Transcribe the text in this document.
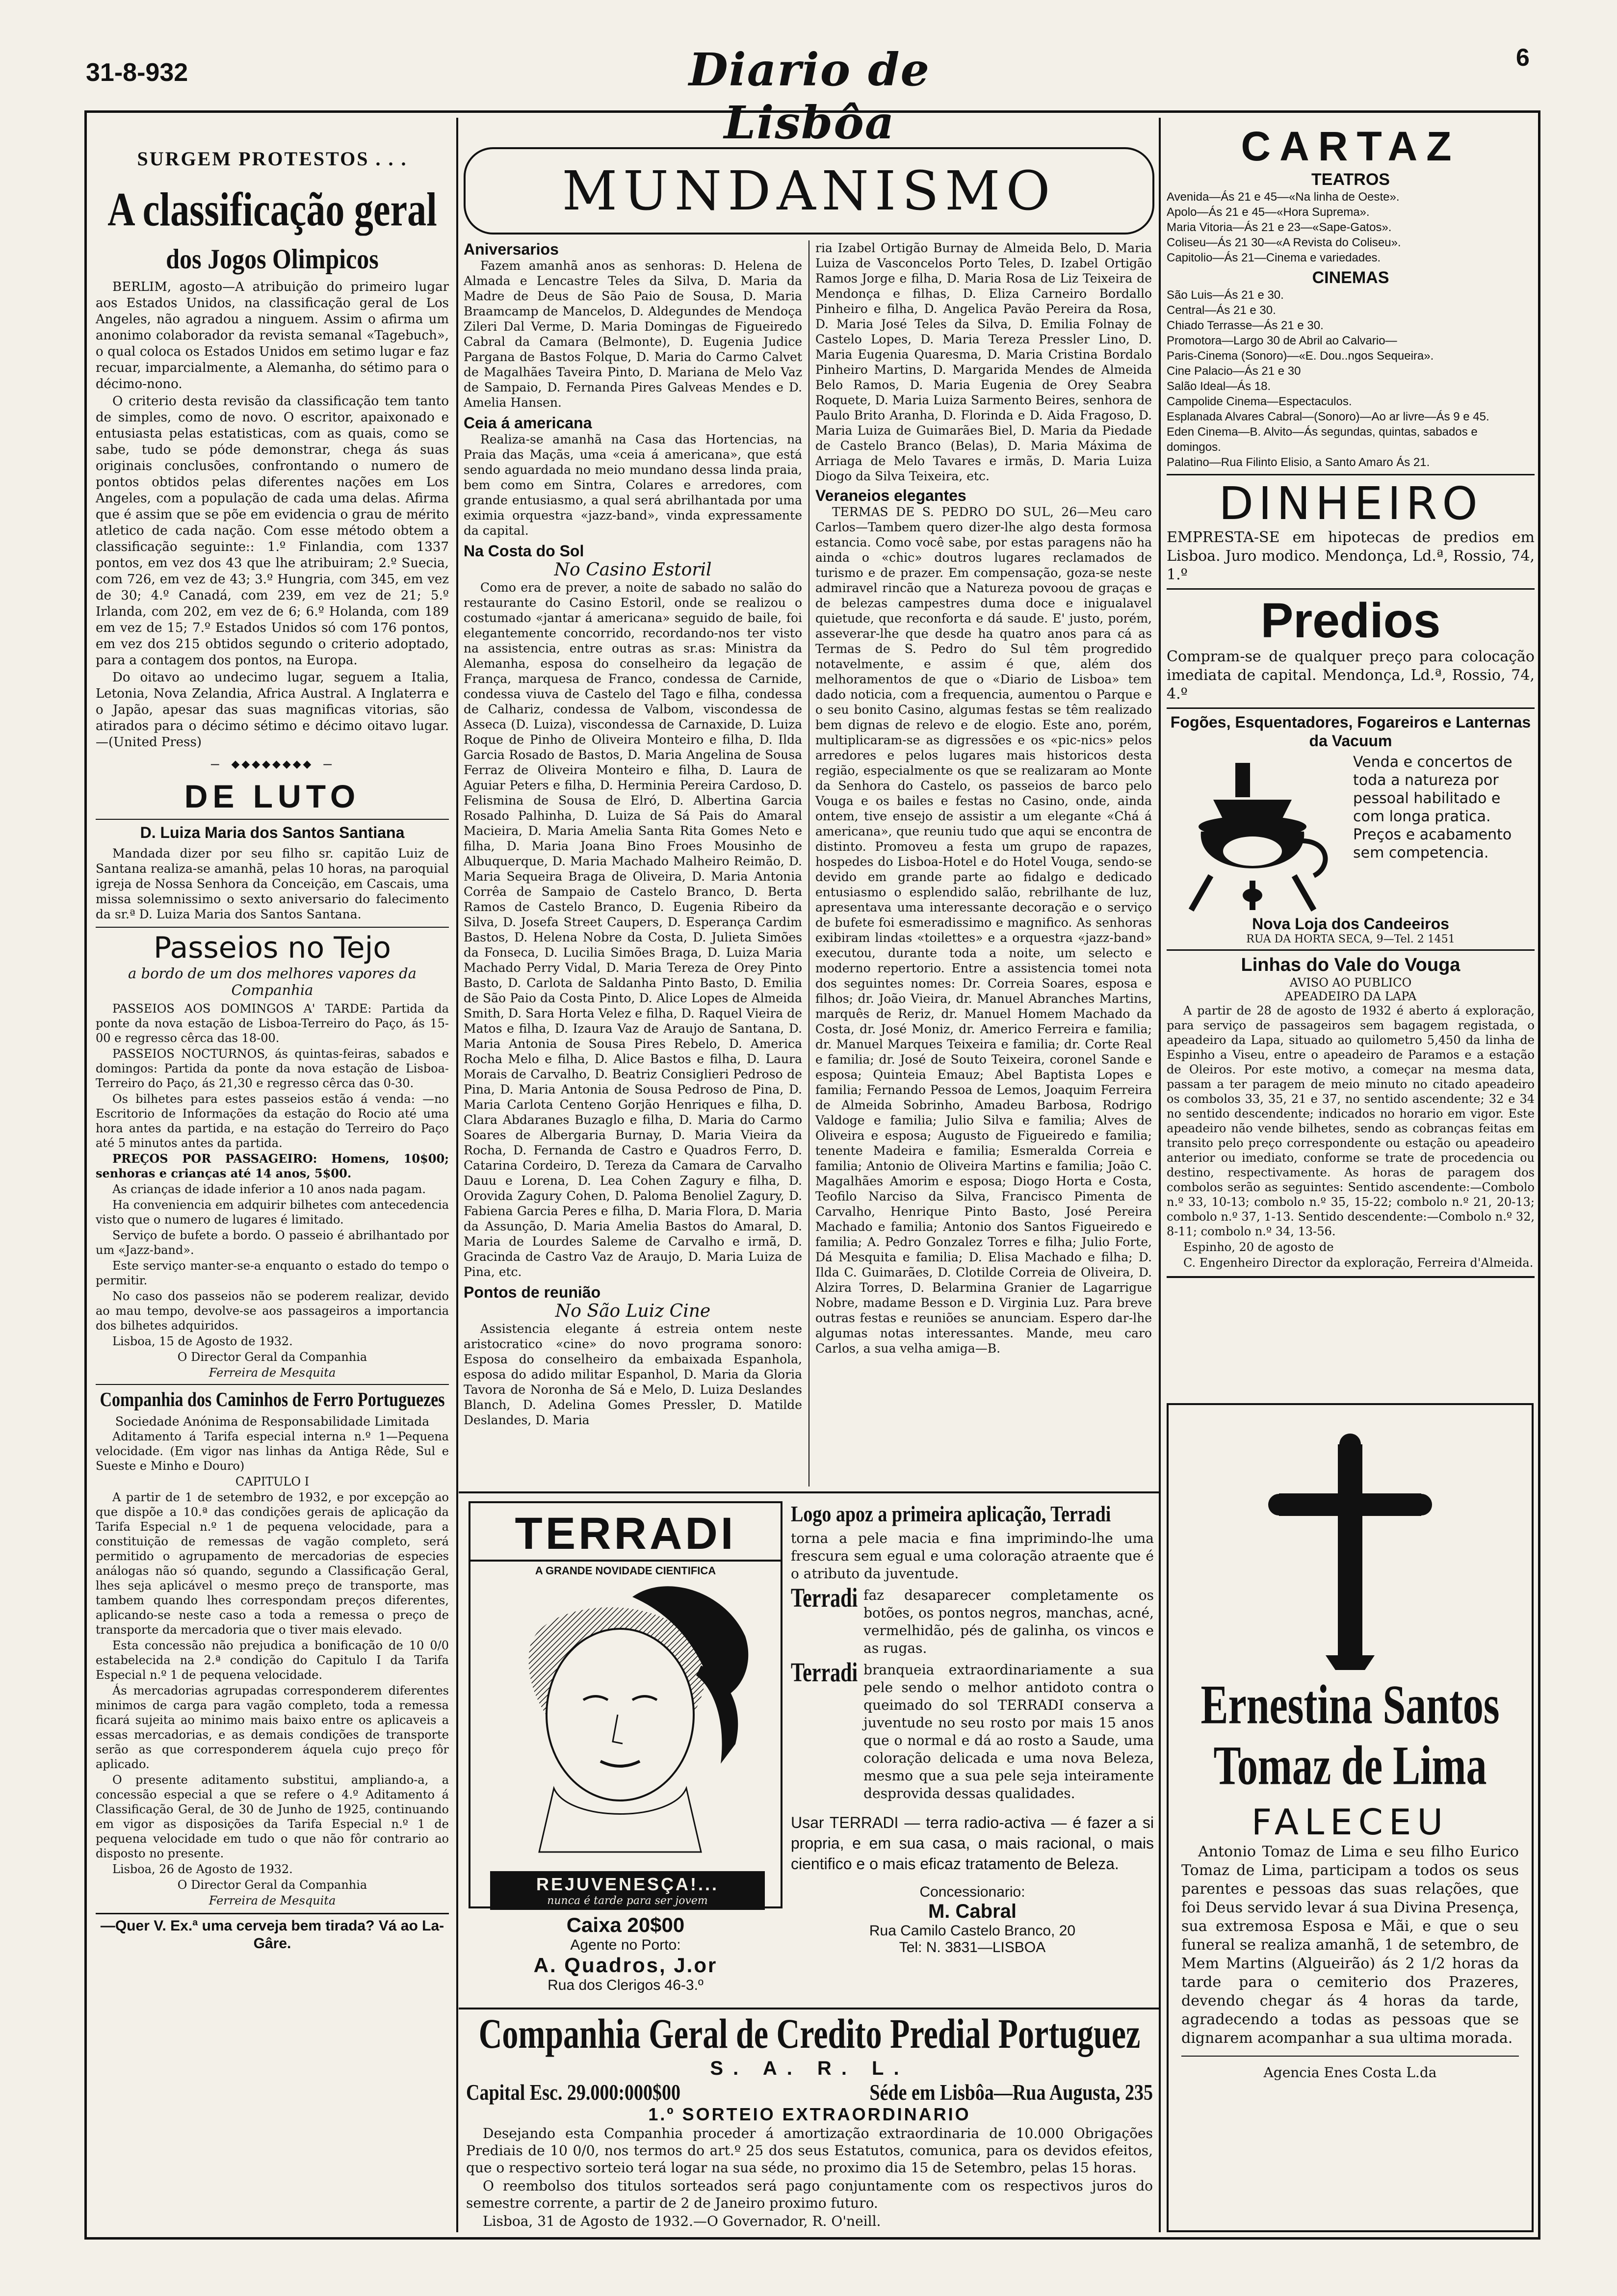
31-8-932	Diario de Lisbôa
6
SURGEM PROTESTOS . . .
A classificação geral
dos Jogos Olimpicos

BERLIM, agosto—A atribuição do primeiro lugar aos Estados Unidos, na classificação geral de Los Angeles, não agradou a ninguem. Assim o afirma um anonimo colaborador da revista semanal «Tagebuch», o qual coloca os Estados Unidos em setimo lugar e faz recuar, imparcialmente, a Alemanha, do sétimo para o décimo-nono.

O criterio desta revisão da classificação tem tanto de simples, como de novo. O escritor, apaixonado e entusiasta pelas estatisticas, com as quais, como se sabe, tudo se póde demonstrar, chega ás suas originais conclusões, confrontando o numero de pontos obtidos pelas diferentes nações em Los Angeles, com a população de cada uma delas. Afirma que é assim que se põe em evidencia o grau de mérito atletico de cada nação. Com esse método obtem a classificação seguinte:: 1.º Finlandia, com 1337 pontos, em vez dos 43 que lhe atribuiram; 2.º Suecia, com 726, em vez de 43; 3.º Hungria, com 345, em vez de 30; 4.º Canadá, com 239, em vez de 21; 5.º Irlanda, com 202, em vez de 6; 6.º Holanda, com 189 em vez de 15; 7.º Estados Unidos só com 176 pontos, em vez dos 215 obtidos segundo o criterio adoptado, para a contagem dos pontos, na Europa.

Do oitavo ao undecimo lugar, seguem a Italia, Letonia, Nova Zelandia, Africa Austral. A Inglaterra e o Japão, apesar das suas magnificas vitorias, são atirados para o décimo sétimo e décimo oitavo lugar.—(United Press)

— ◆◆◆◆◆◆◆◆ —
DE LUTO
D. Luiza Maria dos Santos Santiana

Mandada dizer por seu filho sr. capitão Luiz de Santana realiza-se amanhã, pelas 10 horas, na paroquial igreja de Nossa Senhora da Conceição, em Cascais, uma missa solemnissimo o sexto aniversario do falecimento da sr.ª D. Luiza Maria dos Santos Santana.

Passeios no Tejo
a bordo de um dos melhores vapores da Companhia

PASSEIOS AOS DOMINGOS A' TARDE: Partida da ponte da nova estação de Lisboa-Terreiro do Paço, ás 15-00 e regresso cêrca das 18-00.

PASSEIOS NOCTURNOS, ás quintas-feiras, sabados e domingos: Partida da ponte da nova estação de Lisboa-Terreiro do Paço, ás 21,30 e regresso cêrca das 0-30.

Os bilhetes para estes passeios estão á venda: —no Escritorio de Informações da estação do Rocio até uma hora antes da partida, e na estação do Terreiro do Paço até 5 minutos antes da partida.

PREÇOS POR PASSAGEIRO: Homens, 10$00; senhoras e crianças até 14 anos, 5$00.

As crianças de idade inferior a 10 anos nada pagam.

Ha conveniencia em adquirir bilhetes com antecedencia visto que o numero de lugares é limitado.

Serviço de bufete a bordo. O passeio é abrilhantado por um «Jazz-band».

Este serviço manter-se-a enquanto o estado do tempo o permitir.

No caso dos passeios não se poderem realizar, devido ao mau tempo, devolve-se aos passageiros a importancia dos bilhetes adquiridos.

Lisboa, 15 de Agosto de 1932.

O Director Geral da Companhia

Ferreira de Mesquita

Companhia dos Caminhos de Ferro Portuguezes
Sociedade Anónima de Responsabilidade Limitada

Aditamento á Tarifa especial interna n.º 1—Pequena velocidade. (Em vigor nas linhas da Antiga Rêde, Sul e Sueste e Minho e Douro)

CAPITULO I

A partir de 1 de setembro de 1932, e por excepção ao que dispõe a 10.ª das condições gerais de aplicação da Tarifa Especial n.º 1 de pequena velocidade, para a constituição de remessas de vagão completo, será permitido o agrupamento de mercadorias de especies análogas não só quando, segundo a Classificação Geral, lhes seja aplicável o mesmo preço de transporte, mas tambem quando lhes correspondam preços diferentes, aplicando-se neste caso a toda a remessa o preço de transporte da mercadoria que o tiver mais elevado.

Esta concessão não prejudica a bonificação de 10 0/0 estabelecida na 2.ª condição do Capitulo I da Tarifa Especial n.º 1 de pequena velocidade.

Ás mercadorias agrupadas corresponderem diferentes minimos de carga para vagão completo, toda a remessa ficará sujeita ao minimo mais baixo entre os aplicaveis a essas mercadorias, e as demais condições de transporte serão as que corresponderem áquela cujo preço fôr aplicado.

O presente aditamento substitui, ampliando-a, a concessão especial a que se refere o 4.º Aditamento á Classificação Geral, de 30 de Junho de 1925, continuando em vigor as disposições da Tarifa Especial n.º 1 de pequena velocidade em tudo o que não fôr contrario ao disposto no presente.

Lisboa, 26 de Agosto de 1932.

O Director Geral da Companhia

Ferreira de Mesquita

—Quer V. Ex.ª uma cerveja bem tirada? Vá ao La-Gâre.
MUNDANISMO
Aniversarios

Fazem amanhã anos as senhoras: D. Helena de Almada e Lencastre Teles da Silva, D. Maria da Madre de Deus de São Paio de Sousa, D. Maria Braamcamp de Mancelos, D. Aldegundes de Mendoça Zileri Dal Verme, D. Maria Domingas de Figueiredo Cabral da Camara (Belmonte), D. Eugenia Judice Pargana de Bastos Folque, D. Maria do Carmo Calvet de Magalhães Taveira Pinto, D. Mariana de Melo Vaz de Sampaio, D. Fernanda Pires Galveas Mendes e D. Amelia Hansen.

Ceia á americana

Realiza-se amanhã na Casa das Hortencias, na Praia das Maçãs, uma «ceia á americana», que está sendo aguardada no meio mundano dessa linda praia, bem como em Sintra, Colares e arredores, com grande entusiasmo, a qual será abrilhantada por uma eximia orquestra «jazz-band», vinda expressamente da capital.

Na Costa do Sol
No Casino Estoril

Como era de prever, a noite de sabado no salão do restaurante do Casino Estoril, onde se realizou o costumado «jantar á americana» seguido de baile, foi elegantemente concorrido, recordando-nos ter visto na assistencia, entre outras as sr.as: Ministra da Alemanha, esposa do conselheiro da legação de França, marquesa de Franco, condessa de Carnide, condessa viuva de Castelo del Tago e filha, condessa de Calhariz, condessa de Valbom, viscondessa de Asseca (D. Luiza), viscondessa de Carnaxide, D. Luiza Roque de Pinho de Oliveira Monteiro e filha, D. Ilda Garcia Rosado de Bastos, D. Maria Angelina de Sousa Ferraz de Oliveira Monteiro e filha, D. Laura de Aguiar Peters e filha, D. Herminia Pereira Cardoso, D. Felismina de Sousa de Elró, D. Albertina Garcia Rosado Palhinha, D. Luiza de Sá Pais do Amaral Macieira, D. Maria Amelia Santa Rita Gomes Neto e filha, D. Maria Joana Bino Froes Mousinho de Albuquerque, D. Maria Machado Malheiro Reimão, D. Maria Sequeira Braga de Oliveira, D. Maria Antonia Corrêa de Sampaio de Castelo Branco, D. Berta Ramos de Castelo Branco, D. Eugenia Ribeiro da Silva, D. Josefa Street Caupers, D. Esperança Cardim Bastos, D. Helena Nobre da Costa, D. Julieta Simões da Fonseca, D. Lucilia Simões Braga, D. Luiza Maria Machado Perry Vidal, D. Maria Tereza de Orey Pinto Basto, D. Carlota de Saldanha Pinto Basto, D. Emilia de São Paio da Costa Pinto, D. Alice Lopes de Almeida Smith, D. Sara Horta Velez e filha, D. Raquel Vieira de Matos e filha, D. Izaura Vaz de Araujo de Santana, D. Maria Antonia de Sousa Pires Rebelo, D. America Rocha Melo e filha, D. Alice Bastos e filha, D. Laura Morais de Carvalho, D. Beatriz Consiglieri Pedroso de Pina, D. Maria Antonia de Sousa Pedroso de Pina, D. Maria Carlota Centeno Gorjão Henriques e filha, D. Clara Abdaranes Buzaglo e filha, D. Maria do Carmo Soares de Albergaria Burnay, D. Maria Vieira da Rocha, D. Fernanda de Castro e Quadros Ferro, D. Catarina Cordeiro, D. Tereza da Camara de Carvalho Dauu e Lorena, D. Lea Cohen Zagury e filha, D. Orovida Zagury Cohen, D. Paloma Benoliel Zagury, D. Fabiena Garcia Peres e filha, D. Maria Flora, D. Maria da Assunção, D. Maria Amelia Bastos do Amaral, D. Maria de Lourdes Saleme de Carvalho e irmã, D. Gracinda de Castro Vaz de Araujo, D. Maria Luiza de Pina, etc.

Pontos de reunião
No São Luiz Cine

Assistencia elegante á estreia ontem neste aristocratico «cine» do novo programa sonoro: Esposa do conselheiro da embaixada Espanhola, esposa do adido militar Espanhol, D. Maria da Gloria Tavora de Noronha de Sá e Melo, D. Luiza Deslandes Blanch, D. Adelina Gomes Pressler, D. Matilde Deslandes, D. Maria

ria Izabel Ortigão Burnay de Almeida Belo, D. Maria Luiza de Vasconcelos Porto Teles, D. Izabel Ortigão Ramos Jorge e filha, D. Maria Rosa de Liz Teixeira de Mendonça e filhas, D. Eliza Carneiro Bordallo Pinheiro e filha, D. Angelica Pavão Pereira da Rosa, D. Maria José Teles da Silva, D. Emilia Folnay de Castelo Lopes, D. Maria Tereza Pressler Lino, D. Maria Eugenia Quaresma, D. Maria Cristina Bordalo Pinheiro Martins, D. Margarida Mendes de Almeida Belo Ramos, D. Maria Eugenia de Orey Seabra Roquete, D. Maria Luiza Sarmento Beires, senhora de Paulo Brito Aranha, D. Florinda e D. Aida Fragoso, D. Maria Luiza de Guimarães Biel, D. Maria da Piedade de Castelo Branco (Belas), D. Maria Máxima de Arriaga de Melo Tavares e irmãs, D. Maria Luiza Diogo da Silva Teixeira, etc.

Veraneios elegantes

TERMAS DE S. PEDRO DO SUL, 26—Meu caro Carlos—Tambem quero dizer-lhe algo desta formosa estancia. Como você sabe, por estas paragens não ha ainda o «chic» doutros lugares reclamados de turismo e de prazer. Em compensação, goza-se neste admiravel rincão que a Natureza povoou de graças e de belezas campestres duma doce e inigualavel quietude, que reconforta e dá saude. E' justo, porém, asseverar-lhe que desde ha quatro anos para cá as Termas de S. Pedro do Sul têm progredido notavelmente, e assim é que, além dos melhoramentos de que o «Diario de Lisboa» tem dado noticia, com a frequencia, aumentou o Parque e o seu bonito Casino, algumas festas se têm realizado bem dignas de relevo e de elogio. Este ano, porém, multiplicaram-se as digressões e os «pic-nics» pelos arredores e pelos lugares mais historicos desta região, especialmente os que se realizaram ao Monte da Senhora do Castelo, os passeios de barco pelo Vouga e os bailes e festas no Casino, onde, ainda ontem, tive ensejo de assistir a um elegante «Chá á americana», que reuniu tudo que aqui se encontra de distinto. Promoveu a festa um grupo de rapazes, hospedes do Lisboa-Hotel e do Hotel Vouga, sendo-se devido em grande parte ao fidalgo e dedicado entusiasmo o esplendido salão, rebrilhante de luz, apresentava uma interessante decoração e o serviço de bufete foi esmeradissimo e magnifico. As senhoras exibiram lindas «toilettes» e a orquestra «jazz-band» executou, durante toda a noite, um selecto e moderno repertorio. Entre a assistencia tomei nota dos seguintes nomes: Dr. Correia Soares, esposa e filhos; dr. João Vieira, dr. Manuel Abranches Martins, marquês de Reriz, dr. Manuel Homem Machado da Costa, dr. José Moniz, dr. Americo Ferreira e familia; dr. Manuel Marques Teixeira e familia; dr. Corte Real e familia; dr. José de Souto Teixeira, coronel Sande e esposa; Quinteia Emauz; Abel Baptista Lopes e familia; Fernando Pessoa de Lemos, Joaquim Ferreira de Almeida Sobrinho, Amadeu Barbosa, Rodrigo Valdoge e familia; Julio Silva e familia; Alves de Oliveira e esposa; Augusto de Figueiredo e familia; tenente Madeira e familia; Esmeralda Correia e familia; Antonio de Oliveira Martins e familia; João C. Magalhães Amorim e esposa; Diogo Horta e Costa, Teofilo Narciso da Silva, Francisco Pimenta de Carvalho, Henrique Pinto Basto, José Pereira Machado e familia; Antonio dos Santos Figueiredo e familia; A. Pedro Gonzalez Torres e filha; Julio Forte, Dá Mesquita e familia; D. Elisa Machado e filha; D. Ilda C. Guimarães, D. Clotilde Correia de Oliveira, D. Alzira Torres, D. Belarmina Granier de Lagarrigue Nobre, madame Besson e D. Virginia Luz. Para breve outras festas e reuniões se anunciam. Espero dar-lhe algumas notas interessantes. Mande, meu caro Carlos, a sua velha amiga—B.

TERRADI
A GRANDE NOVIDADE CIENTIFICA
REJUVENESÇA!...
nunca é tarde para ser jovem
Caixa 20$00
Agente no Porto:
A. Quadros, J.or
Rua dos Clerigos 46-3.º
Logo apoz a primeira aplicação, Terradi
torna a pele macia e fina imprimindo-lhe uma frescura sem egual e uma coloração atraente que é o atributo da juventude.
Terradi faz desaparecer completamente os botões, os pontos negros, manchas, acné, vermelhidão, pés de galinha, os vincos e as rugas.
Terradi branqueia extraordinariamente a sua pele sendo o melhor antidoto contra o queimado do sol TERRADI conserva a juventude no seu rosto por mais 15 anos que o normal e dá ao rosto a Saude, uma coloração delicada e uma nova Beleza, mesmo que a sua pele seja inteiramente desprovida dessas qualidades.
Usar TERRADI — terra radio-activa — é fazer a si propria, e em sua casa, o mais racional, o mais cientifico e o mais eficaz tratamento de Beleza.
Concessionario:
M. Cabral
Rua Camilo Castelo Branco, 20
Tel: N. 3831—LISBOA
Companhia Geral de Credito Predial Portuguez
S. A. R. L.
Capital Esc. 29.000:000$00	Séde em Lisbôa—Rua Augusta, 235
1.º SORTEIO EXTRAORDINARIO

Desejando esta Companhia proceder á amortização extraordinaria de 10.000 Obrigações Prediais de 10 0/0, nos termos do art.º 25 dos seus Estatutos, comunica, para os devidos efeitos, que o respectivo sorteio terá logar na sua séde, no proximo dia 15 de Setembro, pelas 15 horas.

O reembolso dos titulos sorteados será pago conjuntamente com os respectivos juros do semestre corrente, a partir de 2 de Janeiro proximo futuro.

Lisboa, 31 de Agosto de 1932.—O Governador, R. O'neill.

CARTAZ
TEATROS
Avenida—Ás 21 e 45—«Na linha de Oeste».
Apolo—Ás 21 e 45—«Hora Suprema».
Maria Vitoria—Ás 21 e 23—«Sape-Gatos».
Coliseu—Ás 21 30—«A Revista do Coliseu».
Capitolio—Ás 21—Cinema e variedades.
CINEMAS
São Luis—Ás 21 e 30.
Central—Ás 21 e 30.
Chiado Terrasse—Ás 21 e 30.
Promotora—Largo 30 de Abril ao Calvario—
Paris-Cinema (Sonoro)—«E. Dou..ngos Sequeira».
Cine Palacio—Ás 21 e 30
Salão Ideal—Ás 18.
Campolide Cinema—Espectaculos.
Esplanada Alvares Cabral—(Sonoro)—Ao ar livre—Ás 9 e 45.
Eden Cinema—B. Alvito—Ás segundas, quintas, sabados e domingos.
Palatino—Rua Filinto Elisio, a Santo Amaro Ás 21.
DINHEIRO
EMPRESTA-SE em hipotecas de predios em Lisboa. Juro modico. Mendonça, Ld.ª, Rossio, 74, 1.º
Predios
Compram-se de qualquer preço para colocação imediata de capital. Mendonça, Ld.ª, Rossio, 74, 4.º
Fogões, Esquentadores, Fogareiros e Lanternas da Vacuum
Venda e concertos de toda a natureza por pessoal habilitado e com longa pratica. Preços e acabamento sem competencia.
Nova Loja dos Candeeiros
RUA DA HORTA SECA, 9—Tel. 2 1451
Linhas do Vale do Vouga
AVISO AO PUBLICO
APEADEIRO DA LAPA

A partir de 28 de agosto de 1932 é aberto á exploração, para serviço de passageiros sem bagagem registada, o apeadeiro da Lapa, situado ao quilometro 5,450 da linha de Espinho a Viseu, entre o apeadeiro de Paramos e a estação de Oleiros. Por este motivo, a começar na mesma data, passam a ter paragem de meio minuto no citado apeadeiro os combolos 33, 35, 21 e 37, no sentido ascendente; 32 e 34 no sentido descendente; indicados no horario em vigor. Este apeadeiro não vende bilhetes, sendo as cobranças feitas em transito pelo preço correspondente ou estação ou apeadeiro anterior ou imediato, conforme se trate de procedencia ou destino, respectivamente. As horas de paragem dos combolos serão as seguintes: Sentido ascendente:—Combolo n.º 33, 10-13; combolo n.º 35, 15-22; combolo n.º 21, 20-13; combolo n.º 37, 1-13. Sentido descendente:—Combolo n.º 32, 8-11; combolo n.º 34, 13-56.

Espinho, 20 de agosto de

C. Engenheiro Director da exploração, Ferreira d'Almeida.

Ernestina Santos
Tomaz de Lima
FALECEU
Antonio Tomaz de Lima e seu filho Eurico Tomaz de Lima, participam a todos os seus parentes e pessoas das suas relações, que foi Deus servido levar á sua Divina Presença, sua extremosa Esposa e Mãi, e que o seu funeral se realiza amanhã, 1 de setembro, de Mem Martins (Algueirão) ás 2 1/2 horas da tarde para o cemiterio dos Prazeres, devendo chegar ás 4 horas da tarde, agradecendo a todas as pessoas que se dignarem acompanhar a sua ultima morada.
Agencia Enes Costa L.da
